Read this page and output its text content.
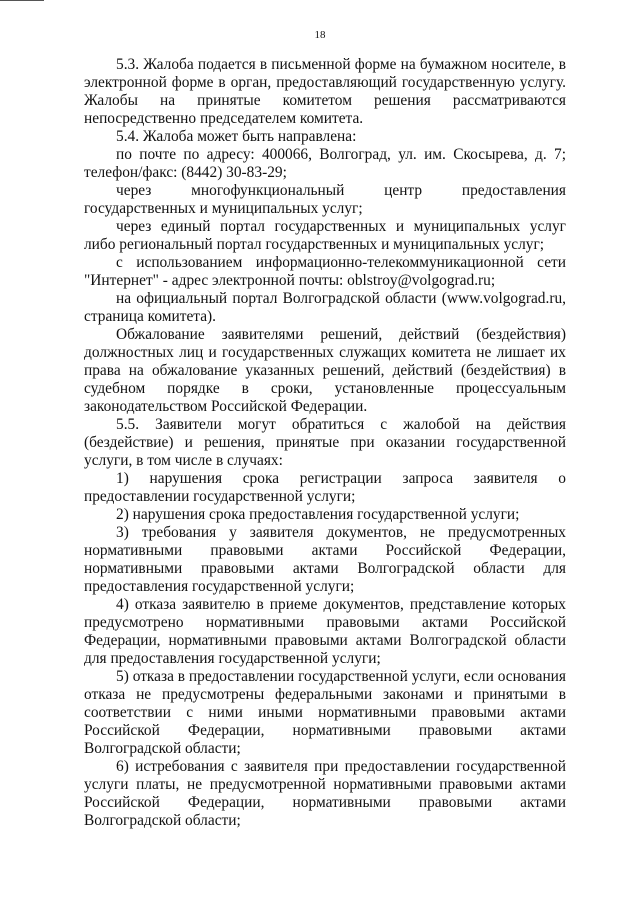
18

5.3. Жалоба подается в письменной форме на бумажном носителе, в электронной форме в орган, предоставляющий государственную услугу. Жалобы на принятые комитетом решения рассматриваются непосредственно председателем комитета.

5.4. Жалоба может быть направлена:

по почте по адресу: 400066, Волгоград, ул. им. Скосырева, д. 7; телефон/факс: (8442) 30-83-29;

через многофункциональный центр предоставления государственных и муниципальных услуг;

через единый портал государственных и муниципальных услуг либо региональный портал государственных и муниципальных услуг;

с использованием информационно-телекоммуникационной сети "Интернет" - адрес электронной почты: oblstroy@volgograd.ru;

на официальный портал Волгоградской области (www.volgograd.ru, страница комитета).

Обжалование заявителями решений, действий (бездействия) должностных лиц и государственных служащих комитета не лишает их права на обжалование указанных решений, действий (бездействия) в судебном порядке в сроки, установленные процессуальным законодательством Российской Федерации.

5.5. Заявители могут обратиться с жалобой на действия (бездействие) и решения, принятые при оказании государственной услуги, в том числе в случаях:

1) нарушения срока регистрации запроса заявителя о предоставлении государственной услуги;

2) нарушения срока предоставления государственной услуги;

3) требования у заявителя документов, не предусмотренных нормативными правовыми актами Российской Федерации, нормативными правовыми актами Волгоградской области для предоставления государственной услуги;

4) отказа заявителю в приеме документов, представление которых предусмотрено нормативными правовыми актами Российской Федерации, нормативными правовыми актами Волгоградской области для предоставления государственной услуги;

5) отказа в предоставлении государственной услуги, если основания отказа не предусмотрены федеральными законами и принятыми в соответствии с ними иными нормативными правовыми актами Российской Федерации, нормативными правовыми актами Волгоградской области;

6) истребования с заявителя при предоставлении государственной услуги платы, не предусмотренной нормативными правовыми актами Российской Федерации, нормативными правовыми актами Волгоградской области;
